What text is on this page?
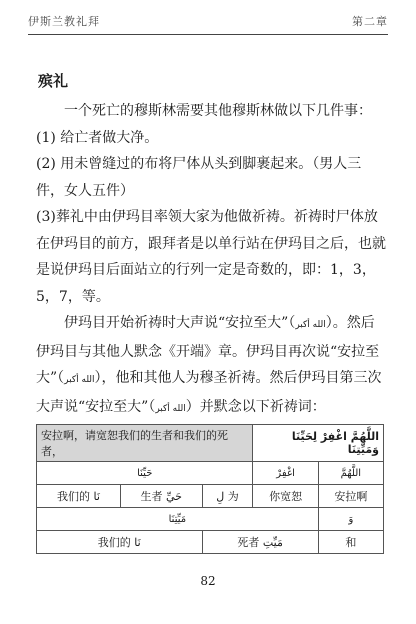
伊斯兰教礼拜	第二章
殡礼

一个死亡的穆斯林需要其他穆斯林做以下几件事：

(1) 给亡者做大净。

(2) 用未曾缝过的布将尸体从头到脚裹起来。（男人三件，女人五件）

(3)葬礼中由伊玛目率领大家为他做祈祷。祈祷时尸体放在伊玛目的前方，跟拜者是以单行站在伊玛目之后，也就是说伊玛目后面站立的行列一定是奇数的，即：1，3，5，7，等。

伊玛目开始祈祷时大声说“安拉至大”（الله أكبر）。然后伊玛目与其他人默念《开端》章。伊玛目再次说“安拉至大”（الله أكبر），他和其他人为穆圣祈祷。然后伊玛目第三次大声说“安拉至大”（الله أكبر）并默念以下祈祷词：

安拉啊，请宽恕我们的生者和我们的死者，			اللَّهُمَّ اغْفِرْ لِحَيِّنَا وَمَيِّتِنَا	
حَيِّنَا			اغْفِرْ	اللَّهُمَّ
我们的 نَا	生者 حَيِّ	لِ 为	你宽恕	安拉啊
مَيِّتِنَا				وَ
我们的 نَا		死者 مَيِّتِ		和
82
